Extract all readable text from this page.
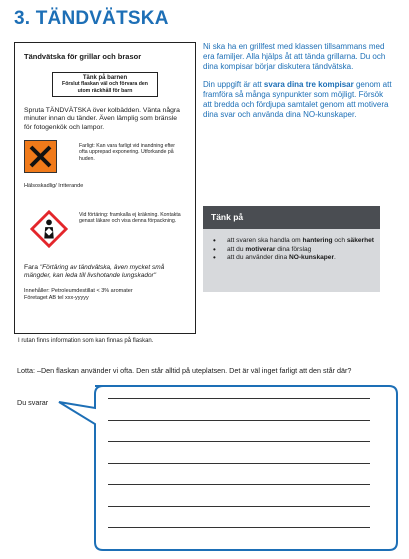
3. TÄNDVÄTSKA
Tändvätska för grillar och brasor
Tänk på barnen
Förslut flaskan väl och förvara den utom räckhåll för barn
Spruta TÄNDVÄTSKA över kolbädden. Vänta några minuter innan du tänder. Även lämplig som bränsle för fotogenkök och lampor.
Hälsoskadlig/ Irriterande
Farligt: Kan vara farligt vid inandning efter ofta upprepad exponering. Utforkande på huden.
Vid förtäring: framkalla ej kräkning. Kontakta genast läkare och visa denna förpackning.
Fara "Förtäring av tändvätska, även mycket små mängder, kan leda till livshotande lungskador"
Innehåller: Petroleumdestillat < 3% aromater
Företaget AB tel xxx-yyyyy
I rutan finns information som kan finnas på flaskan.

Ni ska ha en grillfest med klassen tillsammans med era familjer. Alla hjälps åt att tända grillarna. Du och dina kompisar börjar diskutera tändvätska.

Din uppgift är att svara dina tre kompisar genom att framföra så många synpunkter som möjligt. Försök att bredda och fördjupa samtalet genom att motivera dina svar och använda dina NO-kunskaper.

Tänk på
• att svaren ska handla om hantering och säkerhet
• att du motiverar dina förslag
• att du använder dina NO-kunskaper.
Lotta: –Den flaskan använder vi ofta. Den står alltid på uteplatsen. Det är väl inget farligt att den står där?
Du svarar
